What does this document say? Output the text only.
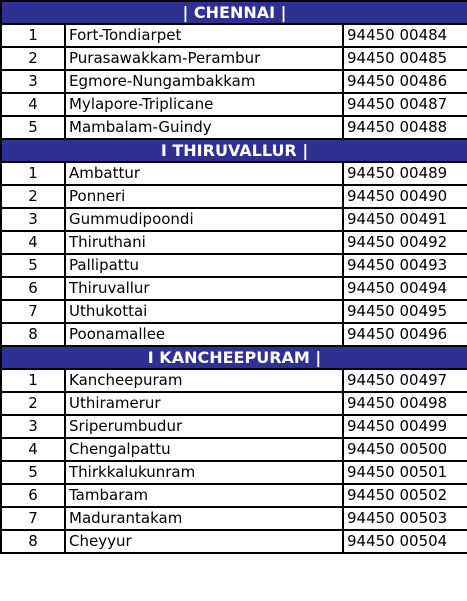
| CHENNAI |		
1	Fort-Tondiarpet	94450 00484
2	Purasawakkam-Perambur	94450 00485
3	Egmore-Nungambakkam	94450 00486
4	Mylapore-Triplicane	94450 00487
5	Mambalam-Guindy	94450 00488
I THIRUVALLUR |		
1	Ambattur	94450 00489
2	Ponneri	94450 00490
3	Gummudipoondi	94450 00491
4	Thiruthani	94450 00492
5	Pallipattu	94450 00493
6	Thiruvallur	94450 00494
7	Uthukottai	94450 00495
8	Poonamallee	94450 00496
I KANCHEEPURAM |		
1	Kancheepuram	94450 00497
2	Uthiramerur	94450 00498
3	Sriperumbudur	94450 00499
4	Chengalpattu	94450 00500
5	Thirkkalukunram	94450 00501
6	Tambaram	94450 00502
7	Madurantakam	94450 00503
8	Cheyyur	94450 00504
